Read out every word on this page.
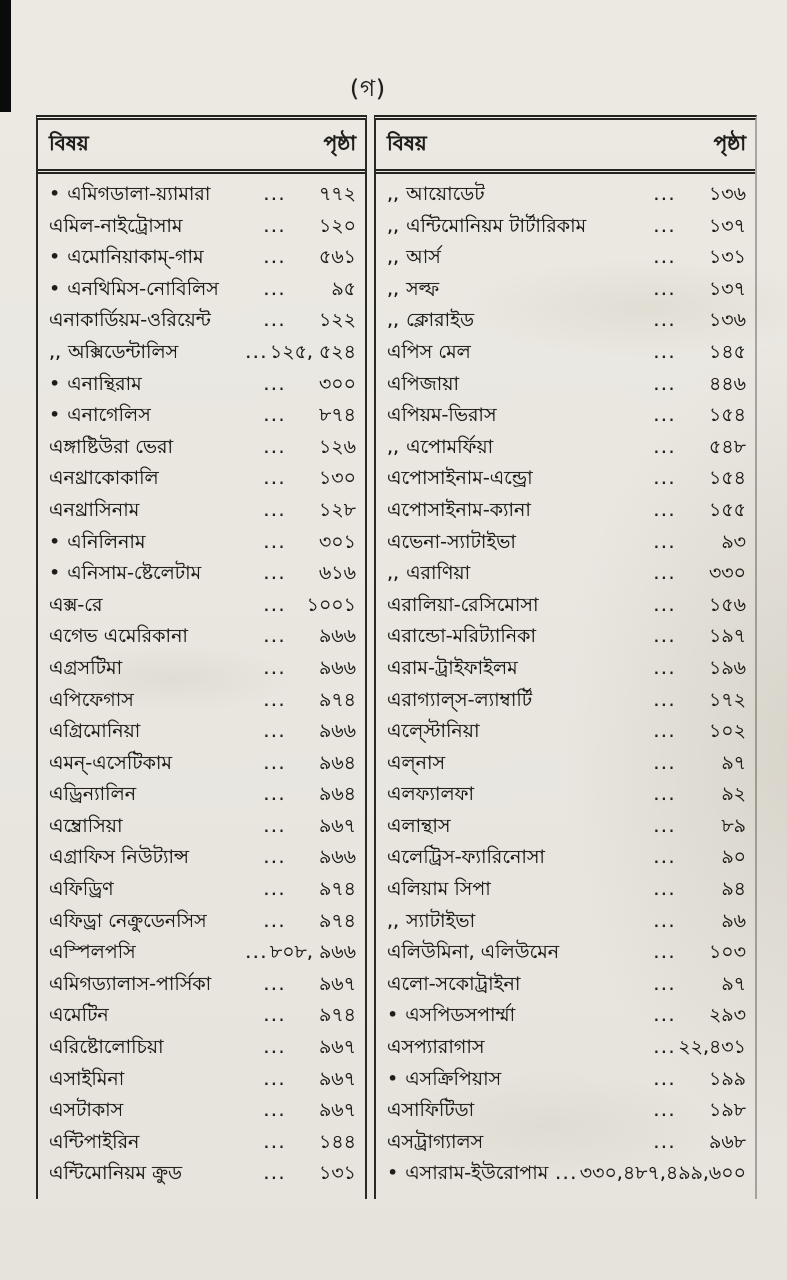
(গ)
বিষয়	পৃষ্ঠা
• এমিগডালা-য়্যামারা	...	৭৭২
এমিল-নাইট্রোসাম	...	১২০
• এমোনিয়াকাম্-গাম	...	৫৬১
• এনথিমিস-নোবিলিস	...	৯৫
এনাকার্ডিয়ম-ওরিয়েন্ট	...	১২২
,, অক্সিডেন্টালিস	... ১২৫, ৫২৪
• এনান্থিরাম	...	৩০০
• এনাগেলিস	...	৮৭৪
এঙ্গাষ্টিউরা ভেরা	...	১২৬
এনথ্রাকোকালি	...	১৩০
এনথ্রাসিনাম	...	১২৮
• এনিলিনাম	...	৩০১
• এনিসাম-ষ্টেলেটাম	...	৬১৬
এক্স-রে	...	১০০১
এগেভ এমেরিকানা	...	৯৬৬
এগ্রসটিমা	...	৯৬৬
এপিফেগাস	...	৯৭৪
এগ্রিমোনিয়া	...	৯৬৬
এমন্-এসেটিকাম	...	৯৬৪
এড্রিন্যালিন	...	৯৬৪
এম্ব্রোসিয়া	...	৯৬৭
এগ্রাফিস নিউট্যান্স	...	৯৬৬
এফিড্রিণ	...	৯৭৪
এফিড্রা নেক্রুডেনসিস	...	৯৭৪
এস্পিলপসি	... ৮০৮, ৯৬৬
এমিগড্যালাস-পার্সিকা	...	৯৬৭
এমেটিন	...	৯৭৪
এরিষ্টোলোচিয়া	...	৯৬৭
এসাইমিনা	...	৯৬৭
এসটাকাস	...	৯৬৭
এন্টিপাইরিন	...	১৪৪
এন্টিমোনিয়ম ক্রুড	...	১৩১
বিষয়	পৃষ্ঠা
,, আয়োডেট	...	১৩৬
,, এন্টিমোনিয়ম টার্টারিকাম	...	১৩৭
,, আর্স	...	১৩১
,, সল্ফ	...	১৩৭
,, ক্লোরাইড	...	১৩৬
এপিস মেল	...	১৪৫
এপিজায়া	...	৪৪৬
এপিয়ম-ভিরাস	...	১৫৪
,, এপোমর্ফিয়া	...	৫৪৮
এপোসাইনাম-এন্ড্রো	...	১৫৪
এপোসাইনাম-ক্যানা	...	১৫৫
এভেনা-স্যাটাইভা	...	৯৩
,, এরাণিয়া	...	৩৩০
এরালিয়া-রেসিমোসা	...	১৫৬
এরান্ডো-মরিট্যানিকা	...	১৯৭
এরাম-ট্রাইফাইলম	...	১৯৬
এরাগ্যাল্স-ল্যাম্বার্টি	...	১৭২
এল্স্টোনিয়া	...	১০২
এল্নাস	...	৯৭
এলফ্যালফা	...	৯২
এলান্থাস	...	৮৯
এলেট্রিস-ফ্যারিনোসা	...	৯০
এলিয়াম সিপা	...	৯৪
,, স্যাটাইভা	...	৯৬
এলিউমিনা, এলিউমেন	...	১০৩
এলো-সকোট্রাইনা	...	৯৭
• এসপিডসপার্ম্মা	...	২৯৩
এসপ্যারাগাস	... ২২,৪৩১
• এসক্রিপিয়াস	...	১৯৯
এসাফিটিডা	...	১৯৮
এসট্রাগ্যালস	...	৯৬৮
• এসারাম-ইউরোপাম ... ৩৩০,৪৮৭,৪৯৯,৬০০
